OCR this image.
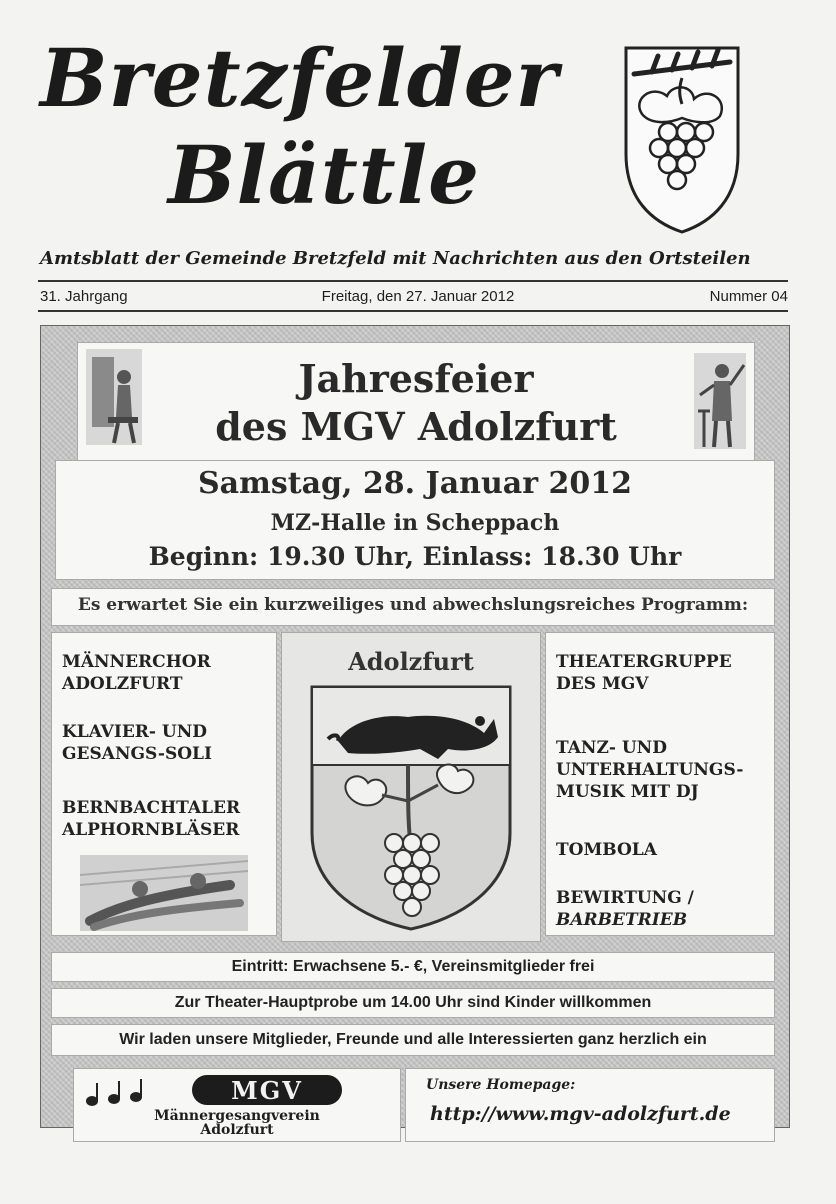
Bretzfelder
Blättle
Amtsblatt der Gemeinde Bretzfeld mit Nachrichten aus den Ortsteilen
31. Jahrgang	Freitag, den 27. Januar 2012	Nummer 04
Jahresfeier
des MGV Adolzfurt
Samstag, 28. Januar 2012
MZ-Halle in Scheppach
Beginn: 19.30 Uhr, Einlass: 18.30 Uhr
Es erwartet Sie ein kurzweiliges und abwechslungsreiches Programm:
MÄNNERCHOR
ADOLZFURT
KLAVIER- UND
GESANGS-SOLI
BERNBACHTALER
ALPHORNBLÄSER
Adolzfurt	THEATERGRUPPE
DES MGV
TANZ- UND
UNTERHALTUNGS-
MUSIK MIT DJ
TOMBOLA
BEWIRTUNG /
BARBETRIEB
Eintritt: Erwachsene 5.- €, Vereinsmitglieder frei
Zur Theater-Hauptprobe um 14.00 Uhr sind Kinder willkommen
Wir laden unsere Mitglieder, Freunde und alle Interessierten ganz herzlich ein
MGV
Männergesangverein
Adolzfurt
Unsere Homepage:
http://www.mgv-adolzfurt.de
